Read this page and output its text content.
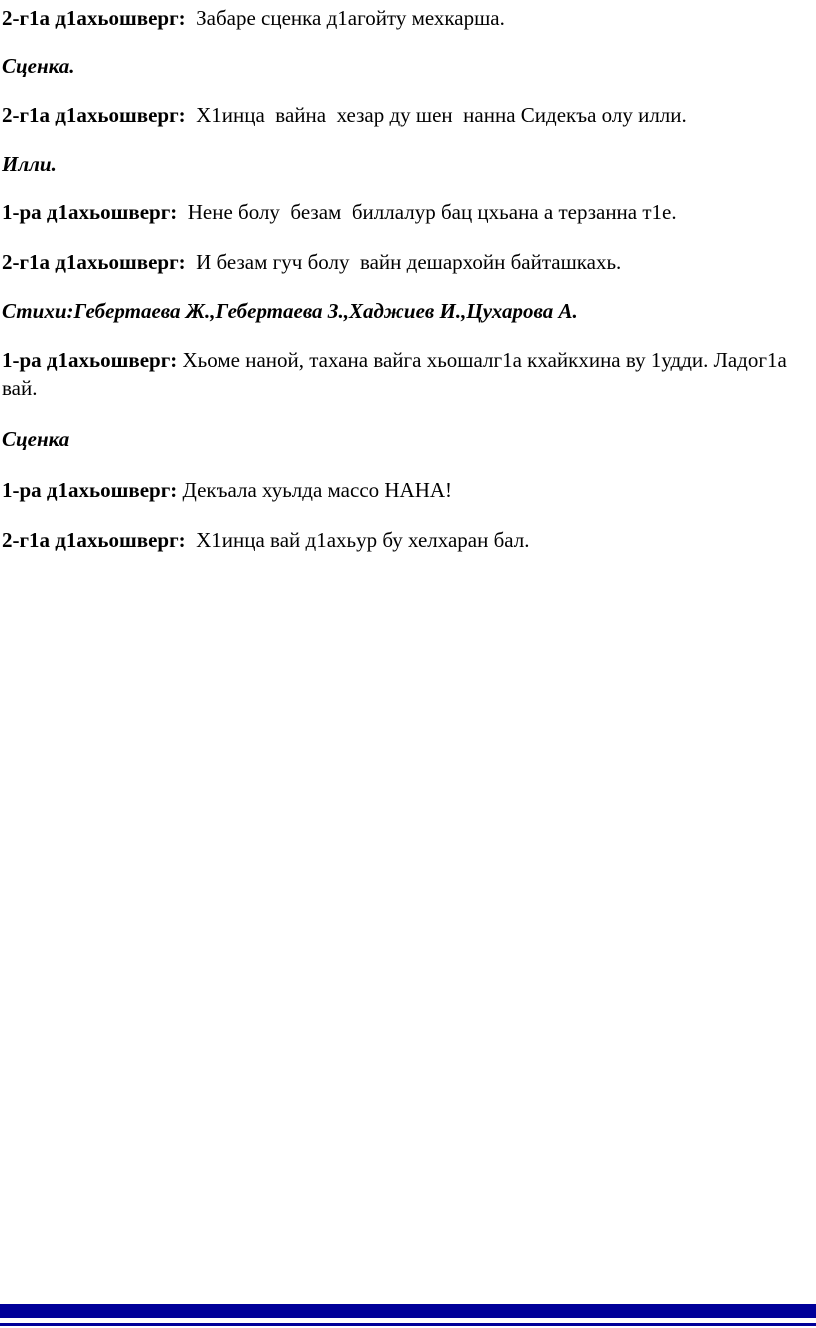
2-г1а д1ахьошверг:  Забаре сценка д1агойту мехкарша.

Сценка.

2-г1а д1ахьошверг:  Х1инца  вайна  хезар ду шен  нанна Сидекъа олу илли.

Илли.

1-ра д1ахьошверг:  Нене болу  безам  биллалур бац цхьана а терзанна т1е.

2-г1а д1ахьошверг:  И безам гуч болу  вайн дешархойн байташкахь.

Стихи:Гебертаева Ж.,Гебертаева З.,Хаджиев И.,Цухарова А.

1-ра д1ахьошверг: Хьоме наной, тахана вайга хьошалг1а кхайкхина ву 1удди. Ладог1а вай.

Сценка

1-ра д1ахьошверг: Декъала хуьлда массо НАНА!

2-г1а д1ахьошверг:  Х1инца вай д1ахьур бу хелхаран бал.
